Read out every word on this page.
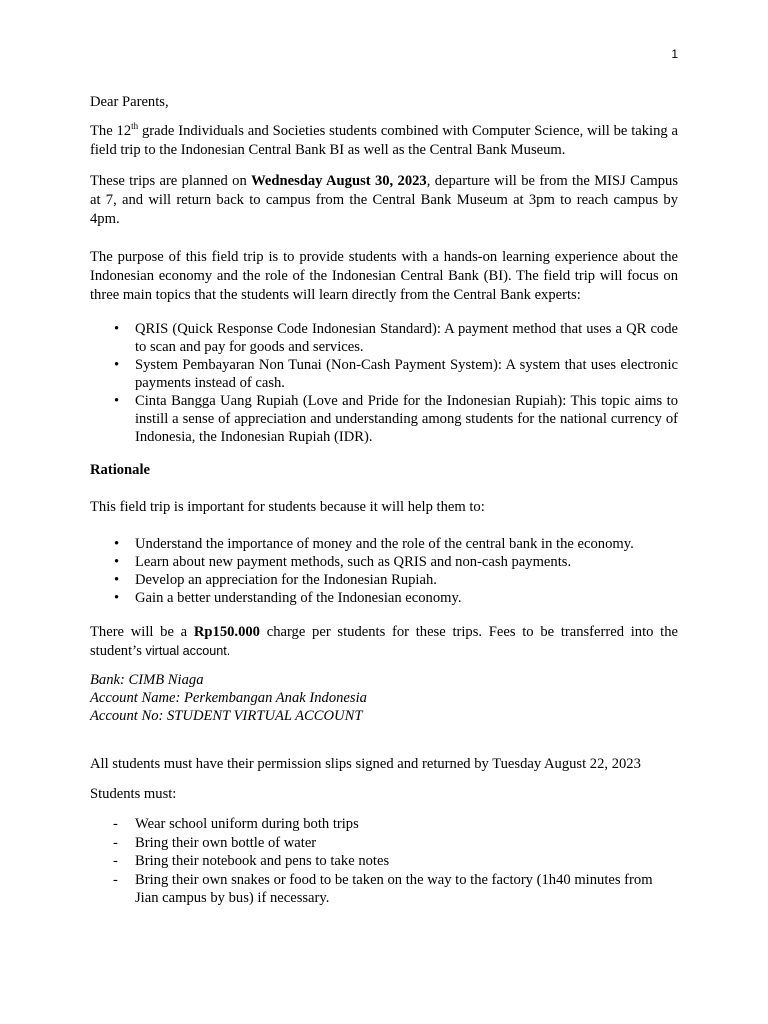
1

Dear Parents,

The 12th grade Individuals and Societies students combined with Computer Science, will be taking a field trip to the Indonesian Central Bank BI as well as the Central Bank Museum.

These trips are planned on Wednesday August 30, 2023, departure will be from the MISJ Campus at 7, and will return back to campus from the Central Bank Museum at 3pm to reach campus by 4pm.

The purpose of this field trip is to provide students with a hands-on learning experience about the Indonesian economy and the role of the Indonesian Central Bank (BI). The field trip will focus on three main topics that the students will learn directly from the Central Bank experts:

• QRIS (Quick Response Code Indonesian Standard): A payment method that uses a QR code to scan and pay for goods and services.
• System Pembayaran Non Tunai (Non-Cash Payment System): A system that uses electronic payments instead of cash.
• Cinta Bangga Uang Rupiah (Love and Pride for the Indonesian Rupiah): This topic aims to instill a sense of appreciation and understanding among students for the national currency of Indonesia, the Indonesian Rupiah (IDR).

Rationale

This field trip is important for students because it will help them to:

• Understand the importance of money and the role of the central bank in the economy.
• Learn about new payment methods, such as QRIS and non-cash payments.
• Develop an appreciation for the Indonesian Rupiah.
• Gain a better understanding of the Indonesian economy.

There will be a Rp150.000 charge per students for these trips. Fees to be transferred into the student’s virtual account.

Bank: CIMB Niaga
Account Name: Perkembangan Anak Indonesia
Account No: STUDENT VIRTUAL ACCOUNT

All students must have their permission slips signed and returned by Tuesday August 22, 2023

Students must:

- Wear school uniform during both trips
- Bring their own bottle of water
- Bring their notebook and pens to take notes
- Bring their own snakes or food to be taken on the way to the factory (1h40 minutes from Jian campus by bus) if necessary.
